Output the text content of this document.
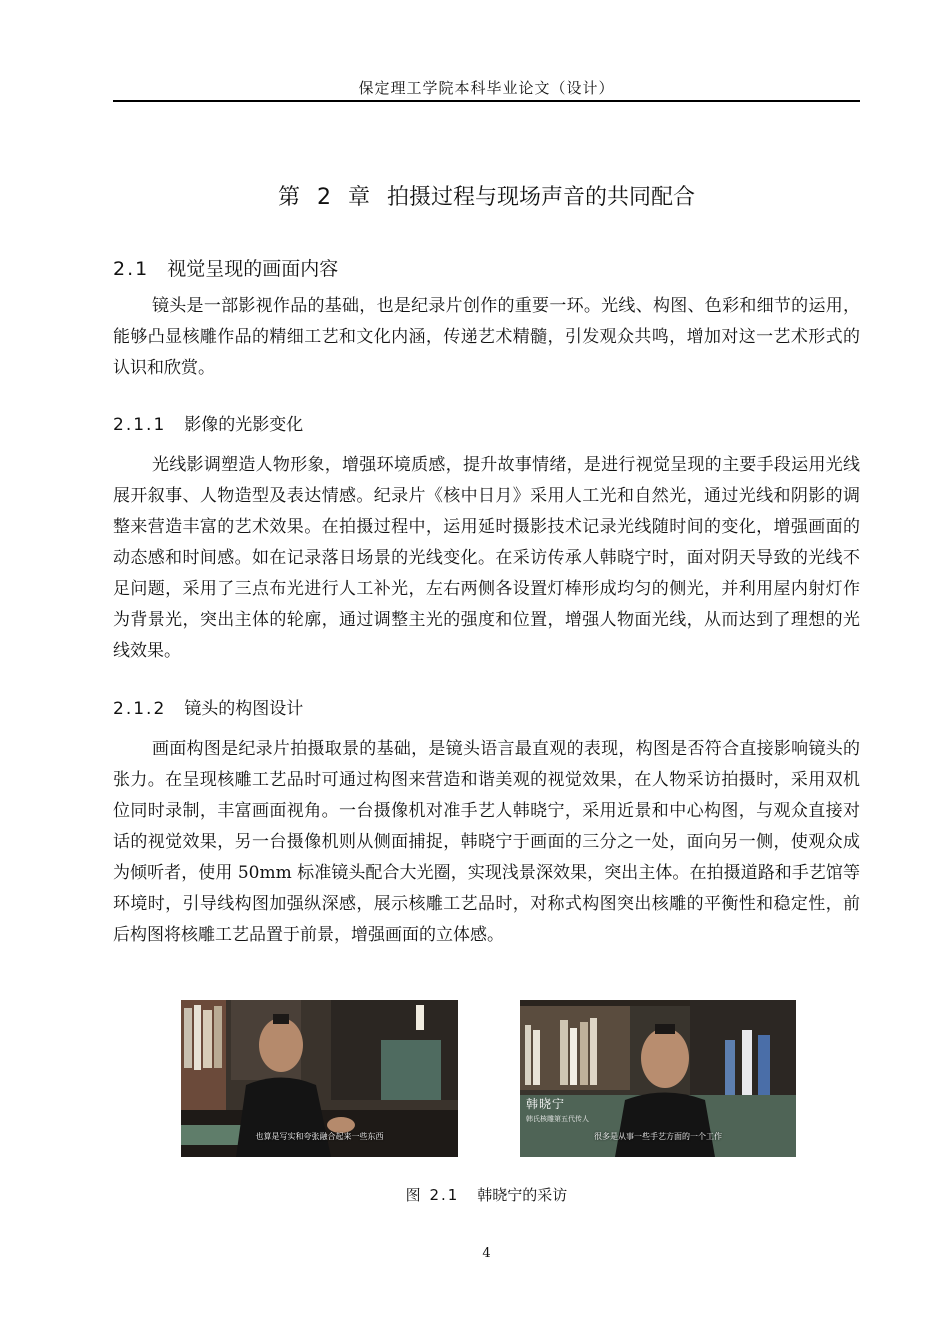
保定理工学院本科毕业论文（设计）
第 2 章 拍摄过程与现场声音的共同配合
2.1 视觉呈现的画面内容

镜头是一部影视作品的基础，也是纪录片创作的重要一环。光线、构图、色彩和细节的运用，能够凸显核雕作品的精细工艺和文化内涵，传递艺术精髓，引发观众共鸣，增加对这一艺术形式的认识和欣赏。

2.1.1 影像的光影变化

光线影调塑造人物形象，增强环境质感，提升故事情绪，是进行视觉呈现的主要手段运用光线展开叙事、人物造型及表达情感。纪录片《核中日月》采用人工光和自然光，通过光线和阴影的调整来营造丰富的艺术效果。在拍摄过程中，运用延时摄影技术记录光线随时间的变化，增强画面的动态感和时间感。如在记录落日场景的光线变化。在采访传承人韩晓宁时，面对阴天导致的光线不足问题，采用了三点布光进行人工补光，左右两侧各设置灯棒形成均匀的侧光，并利用屋内射灯作为背景光，突出主体的轮廓，通过调整主光的强度和位置，增强人物面光线，从而达到了理想的光线效果。

2.1.2 镜头的构图设计

画面构图是纪录片拍摄取景的基础，是镜头语言最直观的表现，构图是否符合直接影响镜头的张力。在呈现核雕工艺品时可通过构图来营造和谐美观的视觉效果，在人物采访拍摄时，采用双机位同时录制，丰富画面视角。一台摄像机对准手艺人韩晓宁，采用近景和中心构图，与观众直接对话的视觉效果，另一台摄像机则从侧面捕捉，韩晓宁于画面的三分之一处，面向另一侧，使观众成为倾听者，使用 50mm 标准镜头配合大光圈，实现浅景深效果，突出主体。在拍摄道路和手艺馆等环境时，引导线构图加强纵深感，展示核雕工艺品时，对称式构图突出核雕的平衡性和稳定性，前后构图将核雕工艺品置于前景，增强画面的立体感。

也算是写实和夸张融合起来一些东西
韩晓宁
韩氏核雕第五代传人
很多是从事一些手艺方面的一个工作
图 2.1 韩晓宁的采访
4
